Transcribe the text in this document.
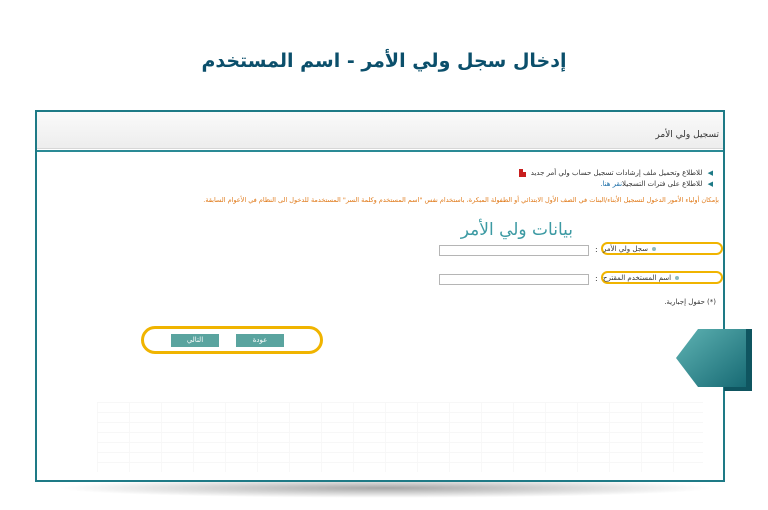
إدخال سجل ولي الأمر - اسم المستخدم
تسجيل ولي الأمر
◀ للاطلاع وتحميل ملف إرشادات تسجيل حساب ولي أمر جديد
◀ للاطلاع على فترات التسجيلانقر هنا.
بإمكان أولياء الأمور الدخول لتسجيل الأبناء/البنات في الصف الأول الابتدائي أو الطفولة المبكرة، باستخدام نفس "اسم المستخدم وكلمة السر" المستخدمة للدخول الى النظام في الأعوام السابقة.
بيانات ولي الأمر
سجل ولي الأمر
:
اسم المستخدم المقترح
:
(*) حقول إجبارية.
عودة
التالي
